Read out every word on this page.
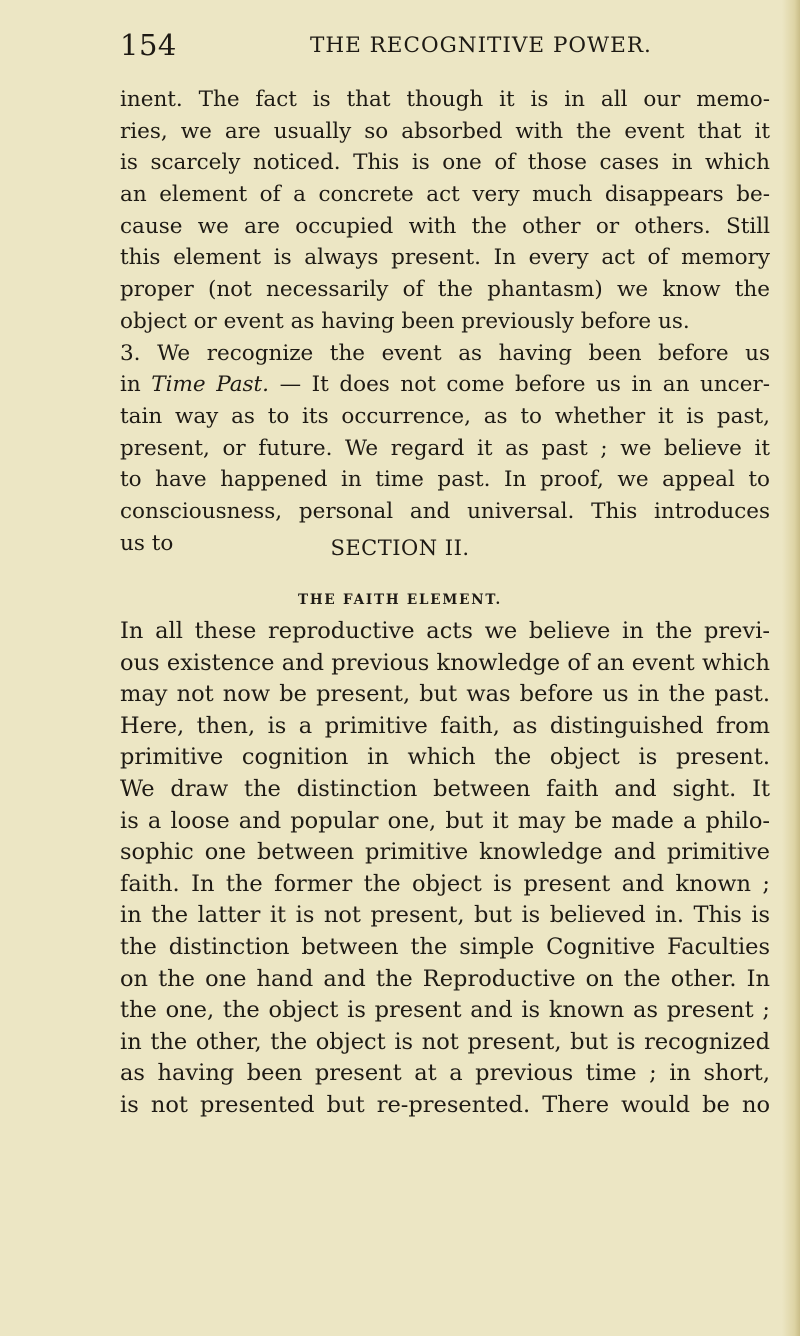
154	THE RECOGNITIVE POWER.
inent. The fact is that though it is in all our memo-
ries, we are usually so absorbed with the event that it
is scarcely noticed. This is one of those cases in which
an element of a concrete act very much disappears be-
cause we are occupied with the other or others. Still
this element is always present. In every act of memory
proper (not necessarily of the phantasm) we know the
object or event as having been previously before us.
3. We recognize the event as having been before us
in Time Past. — It does not come before us in an uncer-
tain way as to its occurrence, as to whether it is past,
present, or future. We regard it as past ; we believe it
to have happened in time past. In proof, we appeal to
consciousness, personal and universal. This introduces
us to	SECTION II.
THE FAITH ELEMENT.
In all these reproductive acts we believe in the previ-
ous existence and previous knowledge of an event which
may not now be present, but was before us in the past.
Here, then, is a primitive faith, as distinguished from
primitive cognition in which the object is present.
We draw the distinction between faith and sight. It
is a loose and popular one, but it may be made a philo-
sophic one between primitive knowledge and primitive
faith. In the former the object is present and known ;
in the latter it is not present, but is believed in. This is
the distinction between the simple Cognitive Faculties
on the one hand and the Reproductive on the other. In
the one, the object is present and is known as present ;
in the other, the object is not present, but is recognized
as having been present at a previous time ; in short,
is not presented but re-presented. There would be no
